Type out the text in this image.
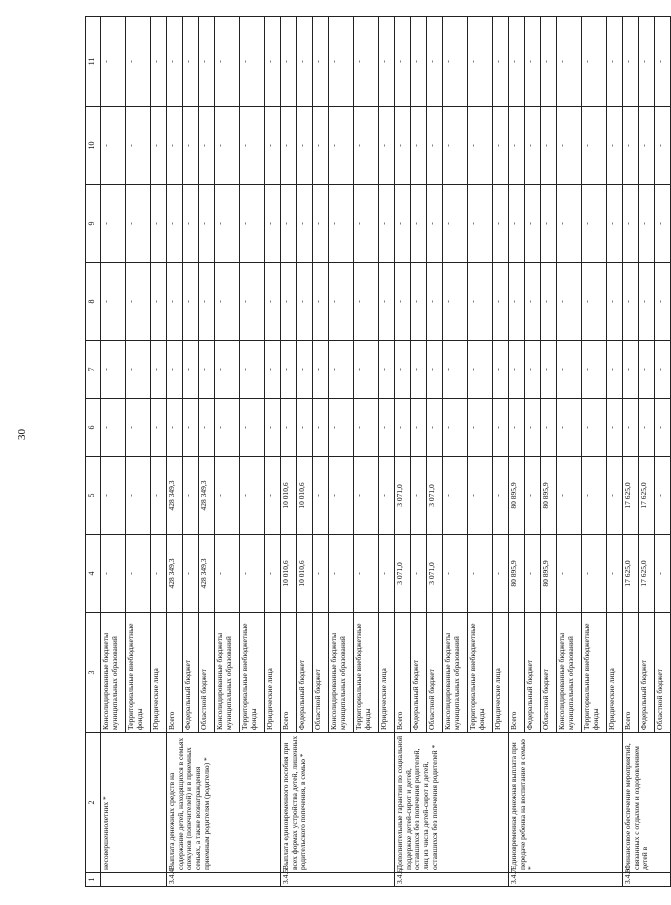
30
1	2	3	4	5	6	7	8	9	10	11
	несовершеннолетних *	Консолидированные бюджеты муниципальных образований	-	-	-	-	-	-	-	-
		Территориальные внебюджетные фонды	-	-	-	-	-	-	-	-
		Юридические лица	-	-	-	-	-	-	-	-
3.4.4	Выплата денежных средств на содержание детей, находящихся в семьях опекунов (попечителей) и в приемных семьях, а также вознаграждения приемным родителям (родителю) *	Всего	428 349,3	428 349,3	-	-	-	-	-	-
		Федеральный бюджет	-	-	-	-	-	-	-	-
		Областной бюджет	428 349,3	428 349,3	-	-	-	-	-	-
		Консолидированные бюджеты муниципальных образований	-	-	-	-	-	-	-	-
		Территориальные внебюджетные фонды	-	-	-	-	-	-	-	-
		Юридические лица	-	-	-	-	-	-	-	-
3.4.5	Выплата единовременного пособия при всех формах устройства детей, лишенных родительского попечения, в семью *	Всего	10 010,6	10 010,6	-	-	-	-	-	-
		Федеральный бюджет	10 010,6	10 010,6	-	-	-	-	-	-
		Областной бюджет	-	-	-	-	-	-	-	-
		Консолидированные бюджеты муниципальных образований	-	-	-	-	-	-	-	-
		Территориальные внебюджетные фонды	-	-	-	-	-	-	-	-
		Юридические лица	-	-	-	-	-	-	-	-
3.4.6	Дополнительные гарантии по социальной поддержке детей-сирот и детей, оставшихся без попечения родителей, лиц из числа детей-сирот и детей, оставшихся без попечения родителей *	Всего	3 071,0	3 071,0	-	-	-	-	-	-
		Федеральный бюджет	-	-	-	-	-	-	-	-
		Областной бюджет	3 071,0	3 071,0	-	-	-	-	-	-
		Консолидированные бюджеты муниципальных образований	-	-	-	-	-	-	-	-
		Территориальные внебюджетные фонды	-	-	-	-	-	-	-	-
		Юридические лица	-	-	-	-	-	-	-	-
3.4.7	Единовременная денежная выплата при передаче ребенка на воспитание в семью *	Всего	80 895,9	80 895,9	-	-	-	-	-	-
		Федеральный бюджет	-	-	-	-	-	-	-	-
		Областной бюджет	80 895,9	80 895,9	-	-	-	-	-	-
		Консолидированные бюджеты муниципальных образований	-	-	-	-	-	-	-	-
		Территориальные внебюджетные фонды	-	-	-	-	-	-	-	-
		Юридические лица	-	-	-	-	-	-	-	-
3.4.8	Финансовое обеспечение мероприятий, связанных с отдыхом и оздоровлением детей в	Всего	17 625,0	17 625,0	-	-	-	-	-	-
		Федеральный бюджет	17 625,0	17 625,0	-	-	-	-	-	-
		Областной бюджет	-	-	-	-	-	-	-	-
